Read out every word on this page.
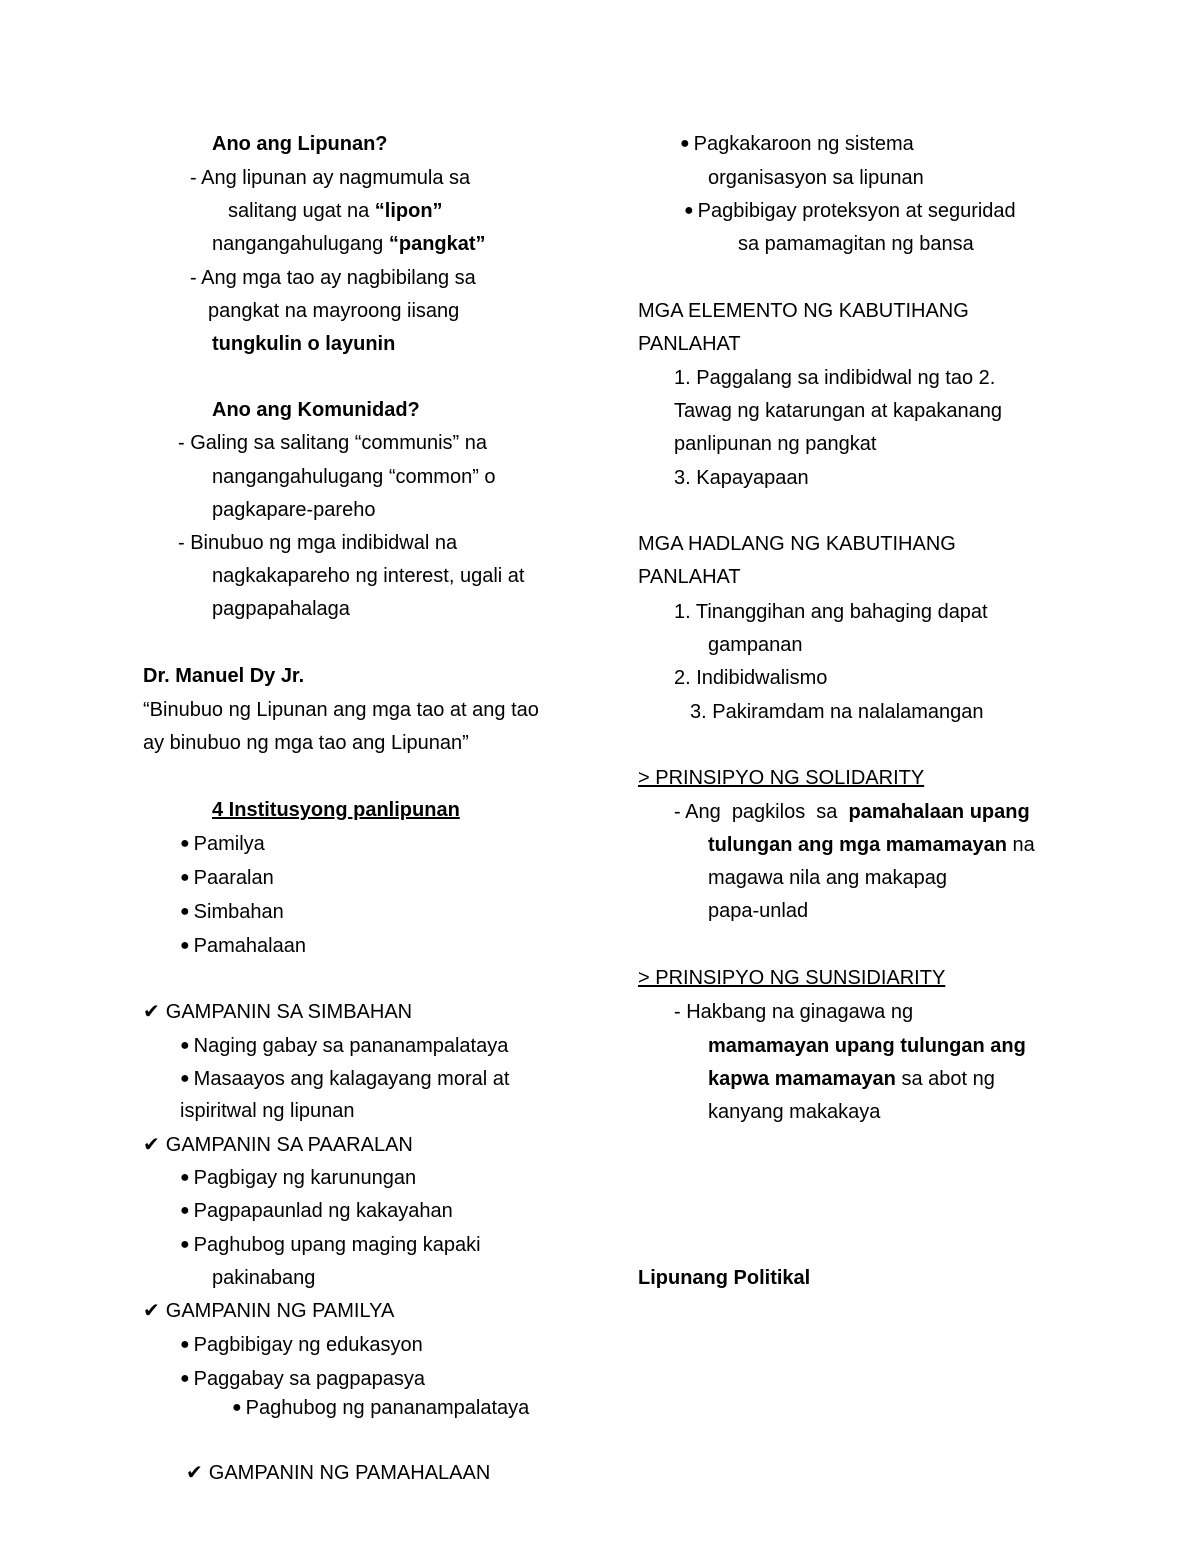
Ano ang Lipunan?
- Ang lipunan ay nagmumula sa
salitang ugat na “lipon”
nangangahulugang “pangkat”
- Ang mga tao ay nagbibilang sa
pangkat na mayroong iisang
tungkulin o layunin
Ano ang Komunidad?
- Galing sa salitang “communis” na
nangangahulugang “common” o
pagkapare-pareho
- Binubuo ng mga indibidwal na
nagkakapareho ng interest, ugali at
pagpapahalaga
Dr. Manuel Dy Jr.
“Binubuo ng Lipunan ang mga tao at ang tao
ay binubuo ng mga tao ang Lipunan”
4 Institusyong panlipunan
● Pamilya
● Paaralan
● Simbahan
● Pamahalaan
✔ GAMPANIN SA SIMBAHAN
● Naging gabay sa pananampalataya
● Masaayos ang kalagayang moral at
ispiritwal ng lipunan
✔ GAMPANIN SA PAARALAN
● Pagbigay ng karunungan
● Pagpapaunlad ng kakayahan
● Paghubog upang maging kapaki
pakinabang
✔ GAMPANIN NG PAMILYA
● Pagbibigay ng edukasyon
● Paggabay sa pagpapasya
● Paghubog ng pananampalataya
✔ GAMPANIN NG PAMAHALAAN
● Pagkakaroon ng sistema
organisasyon sa lipunan
● Pagbibigay proteksyon at seguridad
sa pamamagitan ng bansa
MGA ELEMENTO NG KABUTIHANG
PANLAHAT
1. Paggalang sa indibidwal ng tao 2.
Tawag ng katarungan at kapakanang
panlipunan ng pangkat
3. Kapayapaan
MGA HADLANG NG KABUTIHANG
PANLAHAT
1. Tinanggihan ang bahaging dapat
gampanan
2. Indibidwalismo
3. Pakiramdam na nalalamangan
> PRINSIPYO NG SOLIDARITY
- Ang  pagkilos  sa  pamahalaan upang
tulungan ang mga mamamayan na
magawa nila ang makapag
papa-unlad
> PRINSIPYO NG SUNSIDIARITY
- Hakbang na ginagawa ng
mamamayan upang tulungan ang
kapwa mamamayan sa abot ng
kanyang makakaya
Lipunang Politikal
